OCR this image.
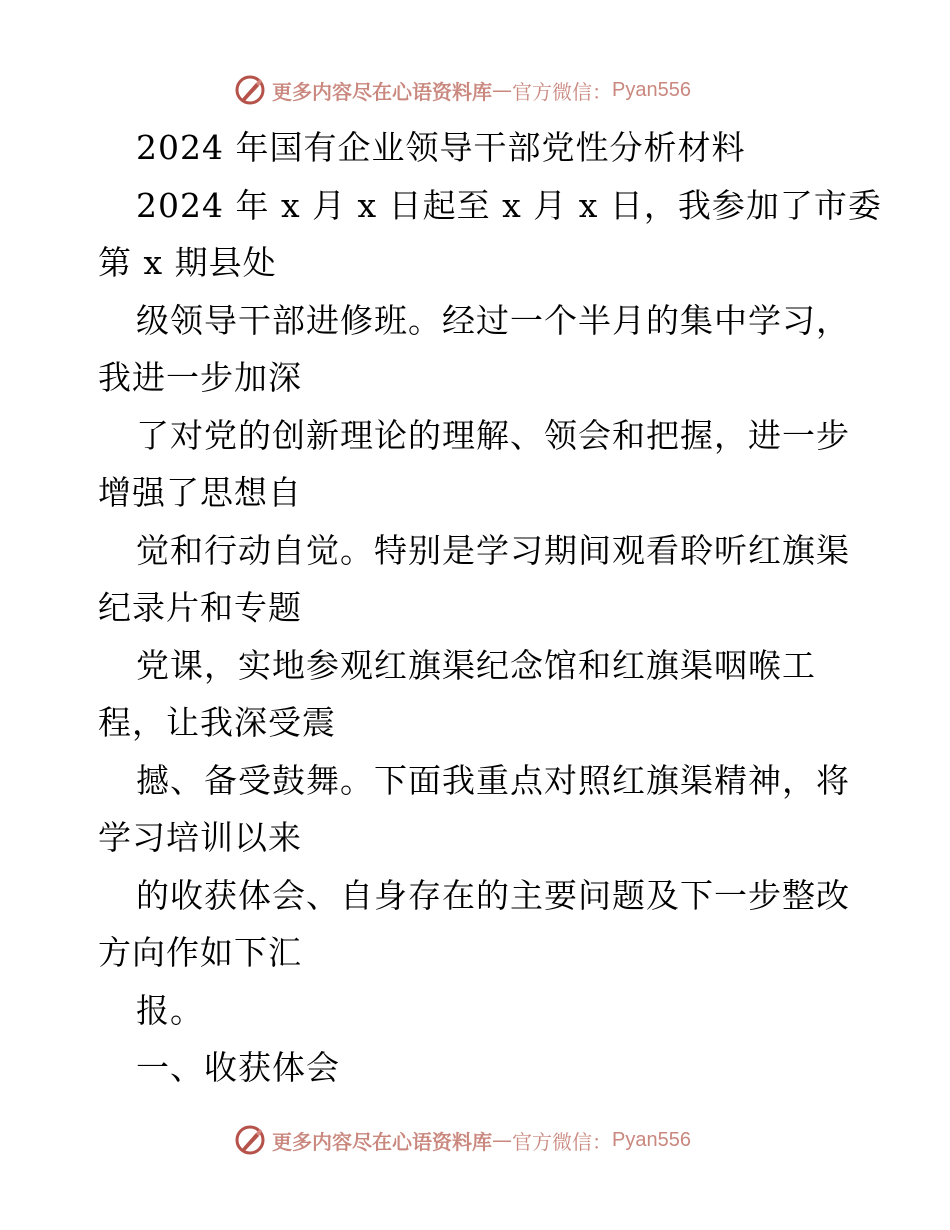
更多内容尽在心语资料库 — 官方微信： Pyan556
2024 年国有企业领导干部党性分析材料
2024 年 x 月 x 日起至 x 月 x 日，我参加了市委
第 x 期县处
级领导干部进修班。经过一个半月的集中学习，
我进一步加深
了对党的创新理论的理解、领会和把握，进一步
增强了思想自
觉和行动自觉。特别是学习期间观看聆听红旗渠
纪录片和专题
党课，实地参观红旗渠纪念馆和红旗渠咽喉工
程，让我深受震
撼、备受鼓舞。下面我重点对照红旗渠精神，将
学习培训以来
的收获体会、自身存在的主要问题及下一步整改
方向作如下汇
报。
一、收获体会
更多内容尽在心语资料库 — 官方微信： Pyan556
